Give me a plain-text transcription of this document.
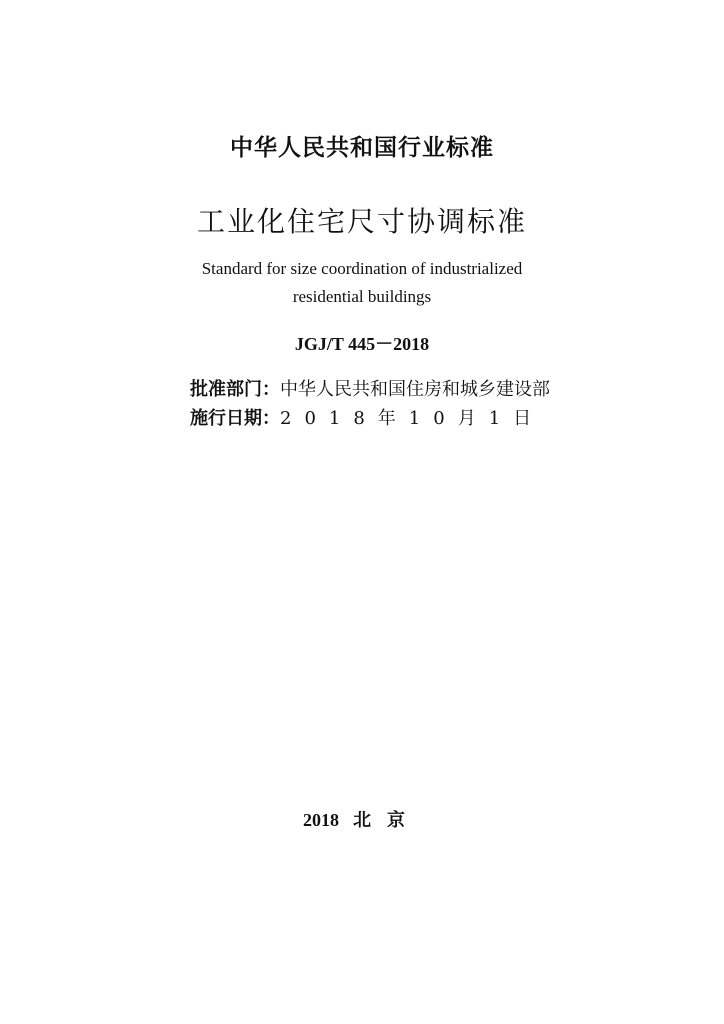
中华人民共和国行业标准
工业化住宅尺寸协调标准
Standard for size coordination of industrialized
residential buildings
JGJ/T 445－2018
批准部门：中华人民共和国住房和城乡建设部
施行日期：2018年10月1日
2018 北京
